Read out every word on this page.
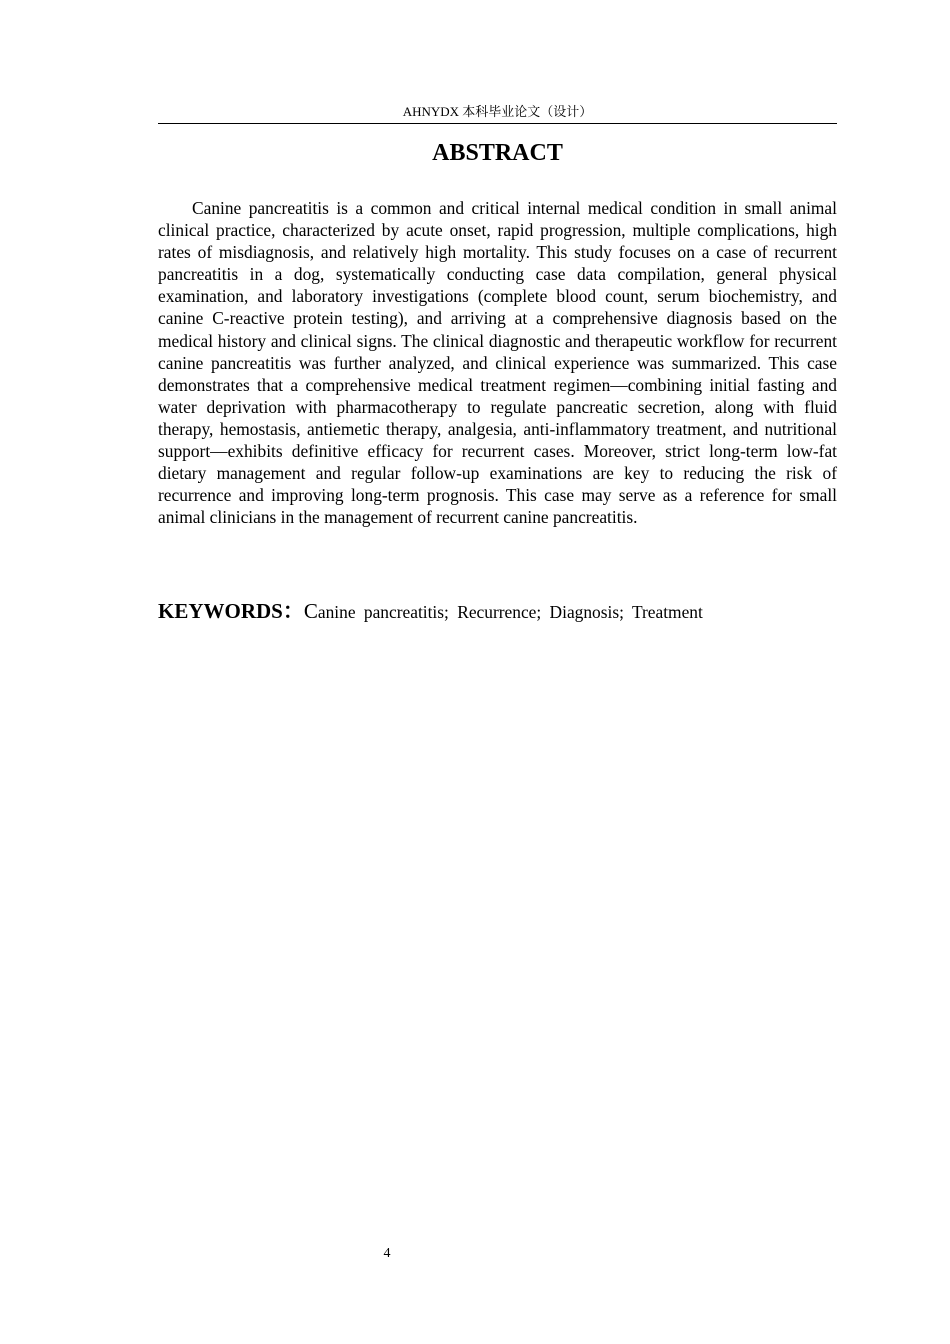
AHNYDX 本科毕业论文（设计）
ABSTRACT

Canine pancreatitis is a common and critical internal medical condition in small animal clinical practice, characterized by acute onset, rapid progression, multiple complications, high rates of misdiagnosis, and relatively high mortality. This study focuses on a case of recurrent pancreatitis in a dog, systematically conducting case data compilation, general physical examination, and laboratory investigations (complete blood count, serum biochemistry, and canine C-reactive protein testing), and arriving at a comprehensive diagnosis based on the medical history and clinical signs. The clinical diagnostic and therapeutic workflow for recurrent canine pancreatitis was further analyzed, and clinical experience was summarized. This case demonstrates that a comprehensive medical treatment regimen—combining initial fasting and water deprivation with pharmacotherapy to regulate pancreatic secretion, along with fluid therapy, hemostasis, antiemetic therapy, analgesia, anti-inflammatory treatment, and nutritional support—exhibits definitive efficacy for recurrent cases. Moreover, strict long-term low-fat dietary management and regular follow-up examinations are key to reducing the risk of recurrence and improving long-term prognosis. This case may serve as a reference for small animal clinicians in the management of recurrent canine pancreatitis.

KEYWORDS：Canine pancreatitis; Recurrence; Diagnosis; Treatment

4
